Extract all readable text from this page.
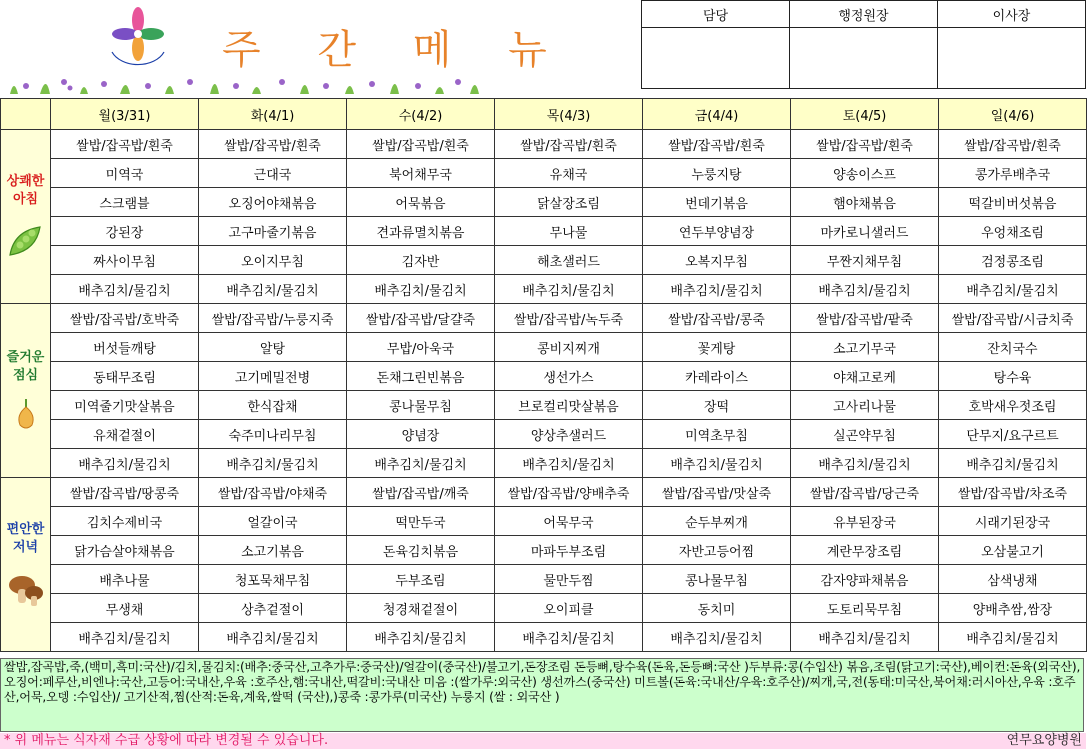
주 간 메 뉴
담당	행정원장	이사장

	월(3/31)	화(4/1)	수(4/2)	목(4/3)	금(4/4)	토(4/5)	일(4/6)

상쾌한
아침	쌀밥/잡곡밥/흰죽	쌀밥/잡곡밥/흰죽	쌀밥/잡곡밥/흰죽	쌀밥/잡곡밥/흰죽	쌀밥/잡곡밥/흰죽	쌀밥/잡곡밥/흰죽	쌀밥/잡곡밥/흰죽
	미역국	근대국	북어채무국	유채국	누룽지탕	양송이스프	콩가루배추국
	스크램블	오징어야채볶음	어묵볶음	닭살장조림	번데기볶음	햄야채볶음	떡갈비버섯볶음
	강된장	고구마줄기볶음	견과류멸치볶음	무나물	연두부양념장	마카로니샐러드	우엉채조림
	짜사이무침	오이지무침	김자반	해초샐러드	오복지무침	무짠지채무침	검정콩조림
	배추김치/물김치	배추김치/물김치	배추김치/물김치	배추김치/물김치	배추김치/물김치	배추김치/물김치	배추김치/물김치

즐거운
점심	쌀밥/잡곡밥/호박죽	쌀밥/잡곡밥/누룽지죽	쌀밥/잡곡밥/달걀죽	쌀밥/잡곡밥/녹두죽	쌀밥/잡곡밥/콩죽	쌀밥/잡곡밥/팥죽	쌀밥/잡곡밥/시금치죽
	버섯들깨탕	알탕	무밥/아욱국	콩비지찌개	꽃게탕	소고기무국	잔치국수
	동태무조림	고기메밀전병	돈채그린빈볶음	생선가스	카레라이스	야채고로케	탕수육
	미역줄기맛살볶음	한식잡채	콩나물무침	브로컬리맛살볶음	장떡	고사리나물	호박새우젓조림
	유채겉절이	숙주미나리무침	양념장	양상추샐러드	미역초무침	실곤약무침	단무지/요구르트
	배추김치/물김치	배추김치/물김치	배추김치/물김치	배추김치/물김치	배추김치/물김치	배추김치/물김치	배추김치/물김치

편안한
저녁	쌀밥/잡곡밥/땅콩죽	쌀밥/잡곡밥/야채죽	쌀밥/잡곡밥/깨죽	쌀밥/잡곡밥/양배추죽	쌀밥/잡곡밥/맛살죽	쌀밥/잡곡밥/당근죽	쌀밥/잡곡밥/차조죽
	김치수제비국	얼갈이국	떡만두국	어묵무국	순두부찌개	유부된장국	시래기된장국
	닭가슴살야채볶음	소고기볶음	돈육김치볶음	마파두부조림	자반고등어찜	계란무장조림	오삼불고기
	배추나물	청포묵채무침	두부조림	물만두찜	콩나물무침	감자양파채볶음	삼색냉채
	무생채	상추겉절이	청경채겉절이	오이피클	동치미	도토리묵무침	양배추쌈,쌈장
	배추김치/물김치	배추김치/물김치	배추김치/물김치	배추김치/물김치	배추김치/물김치	배추김치/물김치	배추김치/물김치
쌀밥,잡곡밥,죽,(백미,흑미:국산)/김치,물김치:(배추:중국산,고추가루:중국산)/얼갈이(중국산)/불고기,돈장조림 돈등뼈,탕수육(돈육,돈등뼈:국산 )두부류:콩(수입산) 볶음,조림(닭고기:국산),베이컨:돈육(외국산),오징어:페루산,비엔나:국산,고등어:국내산,우육 :호주산,햄:국내산,떡갈비:국내산 미음 :(쌀가루:외국산) 생선까스(중국산) 미트볼(돈육:국내산/우육:호주산)/찌개,국,전(동태:미국산,북어채:러시아산,우육 :호주산,어묵,오뎅 :수입산)/ 고기산적,찜(산적:돈육,계육,쌀떡 (국산),)콩죽 :콩가루(미국산) 누룽지 (쌀 : 외국산 )
* 위 메뉴는 식자재 수급 상황에 따라 변경될 수 있습니다.	연무요양병원
